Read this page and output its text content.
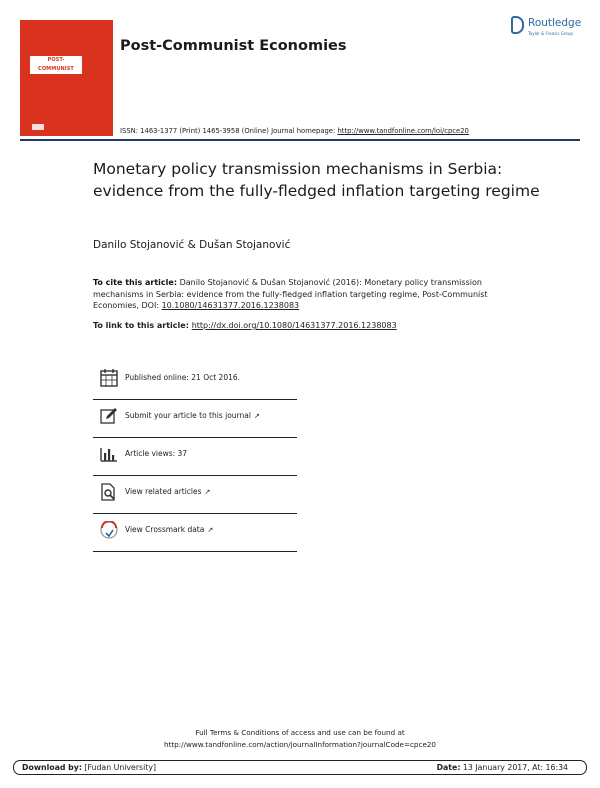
POST-COMMUNIST
ECONOMIES
Post-Communist Economies
Routledge
Taylor & Francis Group
ISSN: 1463-1377 (Print) 1465-3958 (Online) Journal homepage: http://www.tandfonline.com/loi/cpce20
Monetary policy transmission mechanisms in Serbia: evidence from the fully-fledged inflation targeting regime
Danilo Stojanović & Dušan Stojanović
To cite this article: Danilo Stojanović & Dušan Stojanović (2016): Monetary policy transmission mechanisms in Serbia: evidence from the fully-fledged inflation targeting regime, Post-Communist Economies, DOI: 10.1080/14631377.2016.1238083
To link to this article: http://dx.doi.org/10.1080/14631377.2016.1238083
Published online: 21 Oct 2016.
Submit your article to this journal ↗
Article views: 37
View related articles ↗
View Crossmark data ↗
Full Terms & Conditions of access and use can be found at
http://www.tandfonline.com/action/journalInformation?journalCode=cpce20
Download by: [Fudan University]	Date: 13 January 2017, At: 16:34
